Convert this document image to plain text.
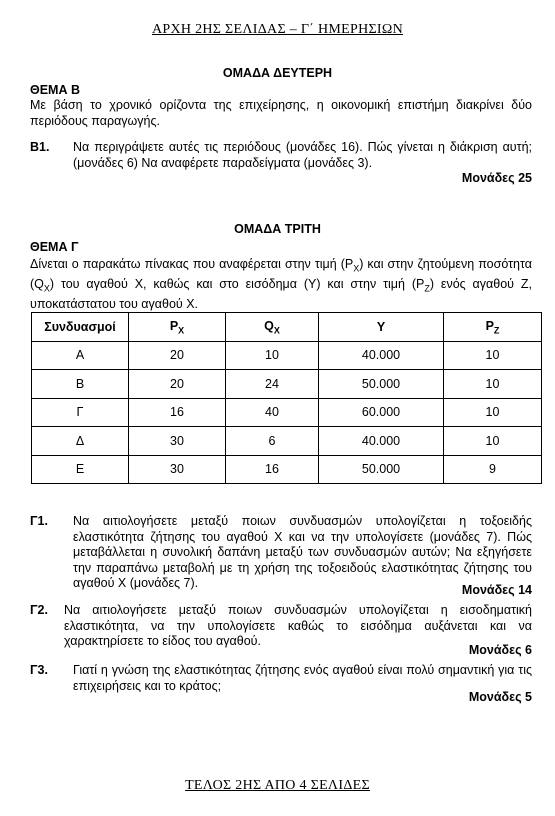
ΑΡΧΗ 2ΗΣ ΣΕΛΙΔΑΣ – Γ΄ ΗΜΕΡΗΣΙΩΝ
ΟΜΑΔΑ ΔΕΥΤΕΡΗ
ΘΕΜΑ Β
Με βάση το χρονικό ορίζοντα της επιχείρησης, η οικονομική επιστήμη διακρίνει δύο περιόδους παραγωγής.
Β1. Να περιγράψετε αυτές τις περιόδους (μονάδες 16). Πώς γίνεται η διάκριση αυτή;(μονάδες 6) Να αναφέρετε παραδείγματα (μονάδες 3).
Μονάδες 25
ΟΜΑΔΑ ΤΡΙΤΗ
ΘΕΜΑ Γ
Δίνεται ο παρακάτω πίνακας που αναφέρεται στην τιμή $(P_X)$ και στην ζητούμενη ποσότητα $(Q_X)$ του αγαθού Χ, καθώς και στο εισόδημα (Υ) και στην τιμή $(P_Z)$ ενός αγαθού Ζ, υποκατάστατου του αγαθού Χ.
Συνδυασμοί	$P_X$	$Q_X$	Υ	$P_Z$
Α	20	10	40.000	10
Β	20	24	50.000	10
Γ	16	40	60.000	10
Δ	30	6	40.000	10
Ε	30	16	50.000	9
Γ1. Να αιτιολογήσετε μεταξύ ποιων συνδυασμών υπολογίζεται η τοξοειδής ελαστικότητα ζήτησης του αγαθού Χ και να την υπολογίσετε (μονάδες 7). Πώς μεταβάλλεται η συνολική δαπάνη μεταξύ των συνδυασμών αυτών; Να εξηγήσετε την παραπάνω μεταβολή με τη χρήση της τοξοειδούς ελαστικότητας ζήτησης του αγαθού Χ (μονάδες 7).	Μονάδες 14
Γ2. Να αιτιολογήσετε μεταξύ ποιων συνδυασμών υπολογίζεται η εισοδηματική ελαστικότητα, να την υπολογίσετε καθώς το εισόδημα αυξάνεται και να χαρακτηρίσετε το είδος του αγαθού.
Μονάδες 6
Γ3. Γιατί η γνώση της ελαστικότητας ζήτησης ενός αγαθού είναι πολύ σημαντική για τις επιχειρήσεις και το κράτος;
Μονάδες 5
ΤΕΛΟΣ 2ΗΣ ΑΠΟ 4 ΣΕΛΙΔΕΣ
